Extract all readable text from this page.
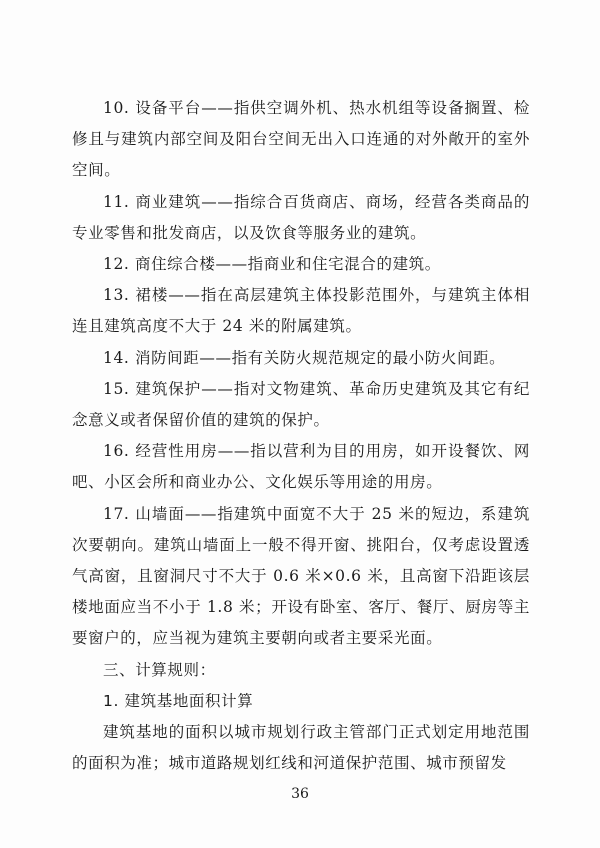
10. 设备平台——指供空调外机、热水机组等设备搁置、检修且与建筑内部空间及阳台空间无出入口连通的对外敞开的室外空间。

11. 商业建筑——指综合百货商店、商场，经营各类商品的专业零售和批发商店，以及饮食等服务业的建筑。

12. 商住综合楼——指商业和住宅混合的建筑。

13. 裙楼——指在高层建筑主体投影范围外，与建筑主体相连且建筑高度不大于 24 米的附属建筑。

14. 消防间距——指有关防火规范规定的最小防火间距。

15. 建筑保护——指对文物建筑、革命历史建筑及其它有纪念意义或者保留价值的建筑的保护。

16. 经营性用房——指以营利为目的用房，如开设餐饮、网吧、小区会所和商业办公、文化娱乐等用途的用房。

17. 山墙面——指建筑中面宽不大于 25 米的短边，系建筑次要朝向。建筑山墙面上一般不得开窗、挑阳台，仅考虑设置透气高窗，且窗洞尺寸不大于 0.6 米×0.6 米，且高窗下沿距该层楼地面应当不小于 1.8 米；开设有卧室、客厅、餐厅、厨房等主要窗户的，应当视为建筑主要朝向或者主要采光面。

三、计算规则：

1. 建筑基地面积计算

建筑基地的面积以城市规划行政主管部门正式划定用地范围的面积为准；城市道路规划红线和河道保护范围、城市预留发

36
